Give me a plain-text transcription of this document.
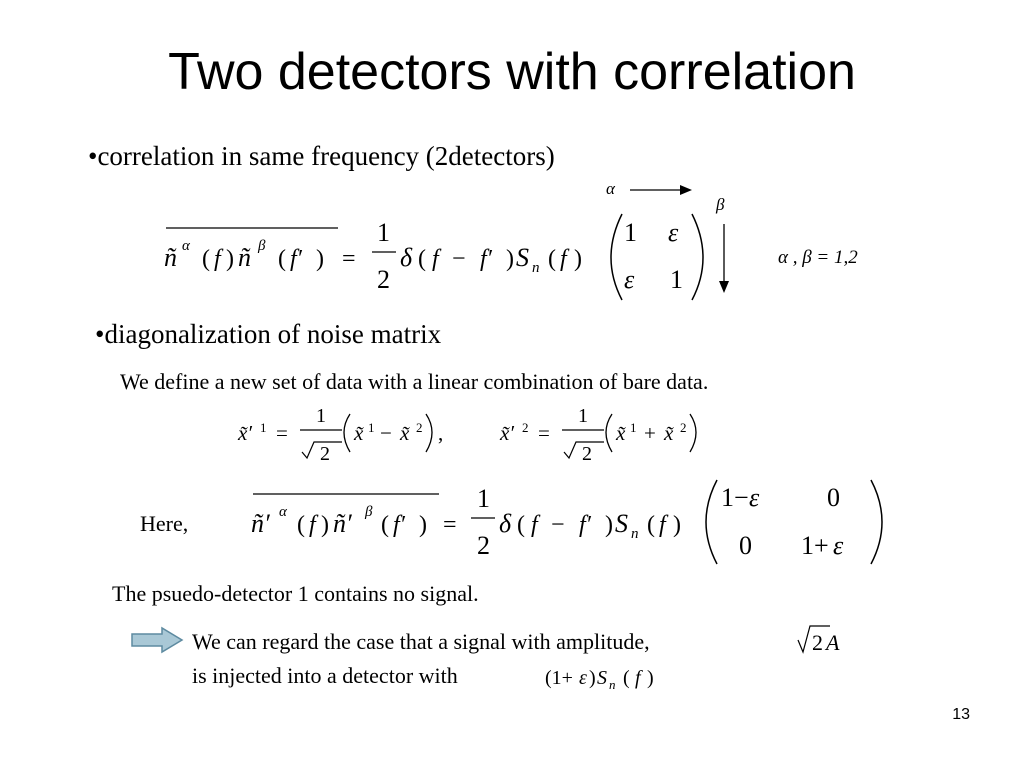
Two detectors with correlation
•correlation in same frequency (2detectors)
ñ α ( f ) ñ β ( f′ ) =
1
2
δ ( f − f′ ) S n ( f )
1 ε
ε 1
α
β
α , β = 1,2
•diagonalization of noise matrix
We define a new set of data with a linear combination of bare data.
x̃′ 1 =
1
2
x̃ 1 − x̃ 2 ,	x̃′ 2 =
1
2
x̃ 1 + x̃ 2
Here, ñ′ α ( f ) ñ′ β ( f′ ) =
1
2
δ ( f − f′ ) S n ( f )
1− ε	0
0 1+ ε
The psuedo-detector 1 contains no signal.
We can regard the case that a signal with amplitude,	2 A
is injected into a detector with	(1+ ε ) S n ( f )
13
